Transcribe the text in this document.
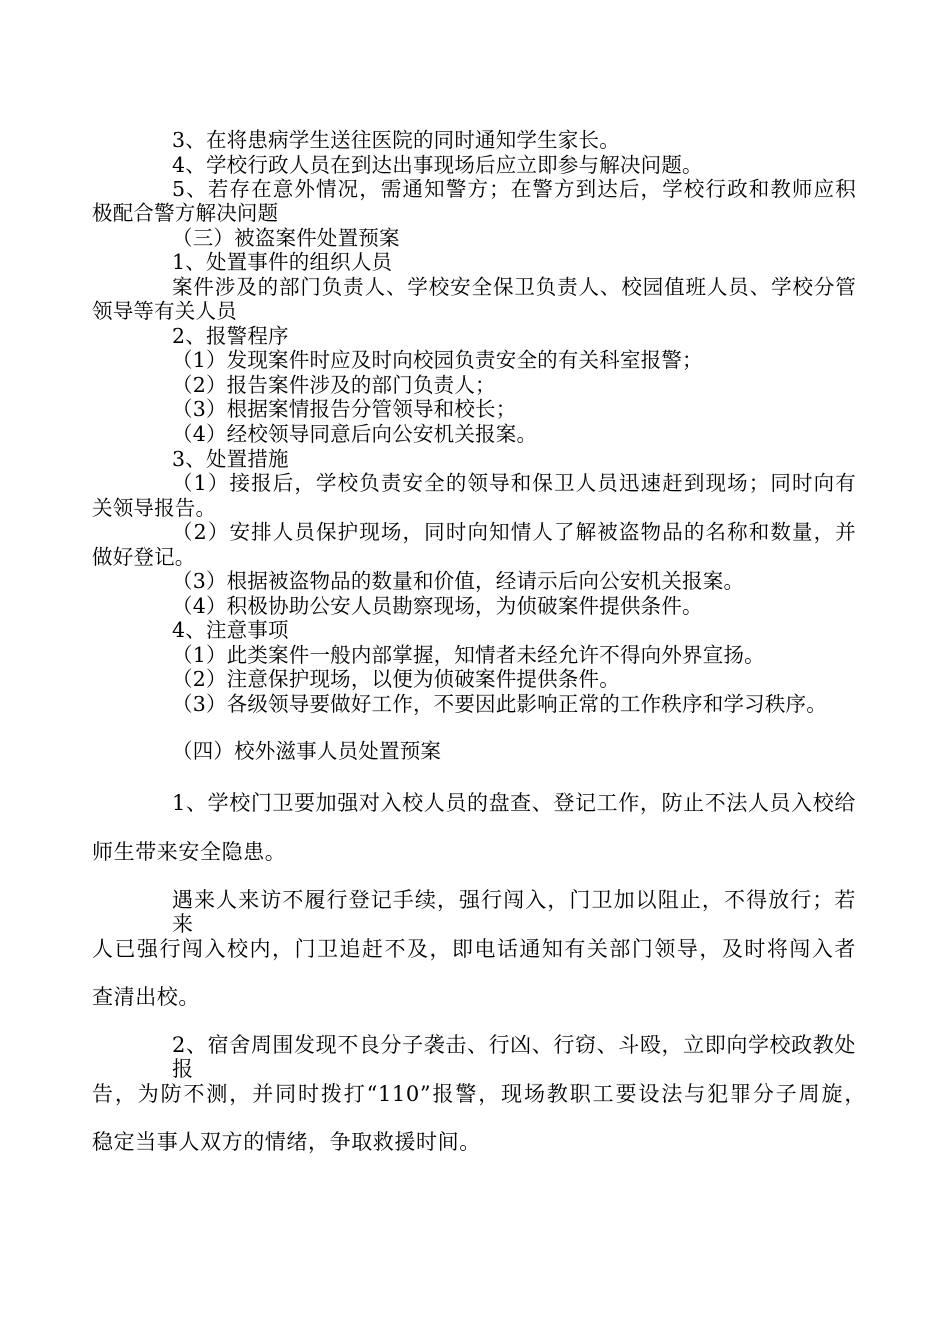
3、在将患病学生送往医院的同时通知学生家长。
4、学校行政人员在到达出事现场后应立即参与解决问题。
5、若存在意外情况，需通知警方；在警方到达后，学校行政和教师应积
极配合警方解决问题
（三）被盗案件处置预案
1、处置事件的组织人员
案件涉及的部门负责人、学校安全保卫负责人、校园值班人员、学校分管
领导等有关人员
2、报警程序
（1）发现案件时应及时向校园负责安全的有关科室报警；
（2）报告案件涉及的部门负责人；
（3）根据案情报告分管领导和校长；
（4）经校领导同意后向公安机关报案。
3、处置措施
（1）接报后，学校负责安全的领导和保卫人员迅速赶到现场；同时向有
关领导报告。
（2）安排人员保护现场，同时向知情人了解被盗物品的名称和数量，并
做好登记。
（3）根据被盗物品的数量和价值，经请示后向公安机关报案。
（4）积极协助公安人员勘察现场，为侦破案件提供条件。
4、注意事项
（1）此类案件一般内部掌握，知情者未经允许不得向外界宣扬。
（2）注意保护现场，以便为侦破案件提供条件。
（3）各级领导要做好工作，不要因此影响正常的工作秩序和学习秩序。
（四）校外滋事人员处置预案
1、学校门卫要加强对入校人员的盘查、登记工作，防止不法人员入校给
师生带来安全隐患。
遇来人来访不履行登记手续，强行闯入，门卫加以阻止，不得放行；若来
人已强行闯入校内，门卫追赶不及，即电话通知有关部门领导，及时将闯入者
查清出校。
2、宿舍周围发现不良分子袭击、行凶、行窃、斗殴，立即向学校政教处报
告，为防不测，并同时拨打“110”报警，现场教职工要设法与犯罪分子周旋，
稳定当事人双方的情绪，争取救援时间。
